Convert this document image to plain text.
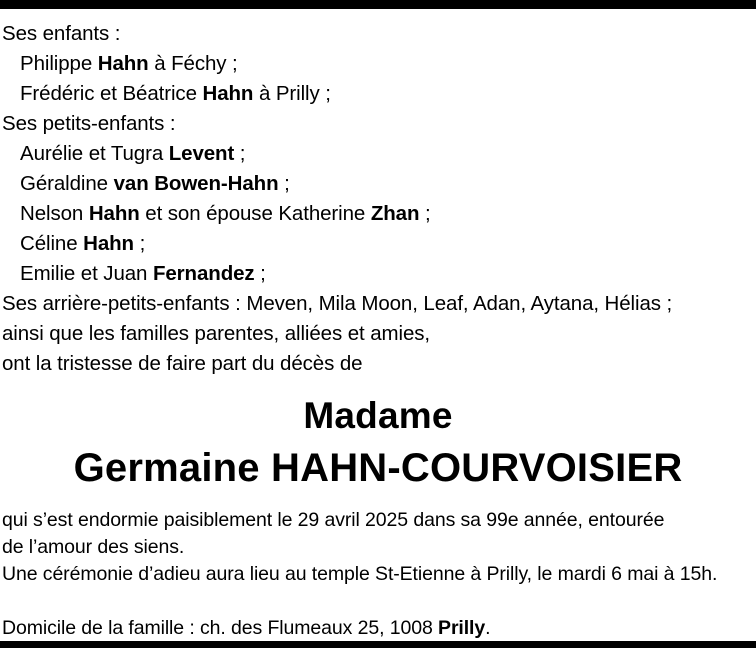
Ses enfants :
Philippe Hahn à Féchy ;
Frédéric et Béatrice Hahn à Prilly ;
Ses petits-enfants :
Aurélie et Tugra Levent ;
Géraldine van Bowen-Hahn ;
Nelson Hahn et son épouse Katherine Zhan ;
Céline Hahn ;
Emilie et Juan Fernandez ;
Ses arrière-petits-enfants : Meven, Mila Moon, Leaf, Adan, Aytana, Hélias ;
ainsi que les familles parentes, alliées et amies,
ont la tristesse de faire part du décès de
Madame
Germaine HAHN-COURVOISIER
qui s’est endormie paisiblement le 29 avril 2025 dans sa 99e année, entourée
de l’amour des siens.
Une cérémonie d’adieu aura lieu au temple St-Etienne à Prilly, le mardi 6 mai à 15h.
Domicile de la famille : ch. des Flumeaux 25, 1008 Prilly.
